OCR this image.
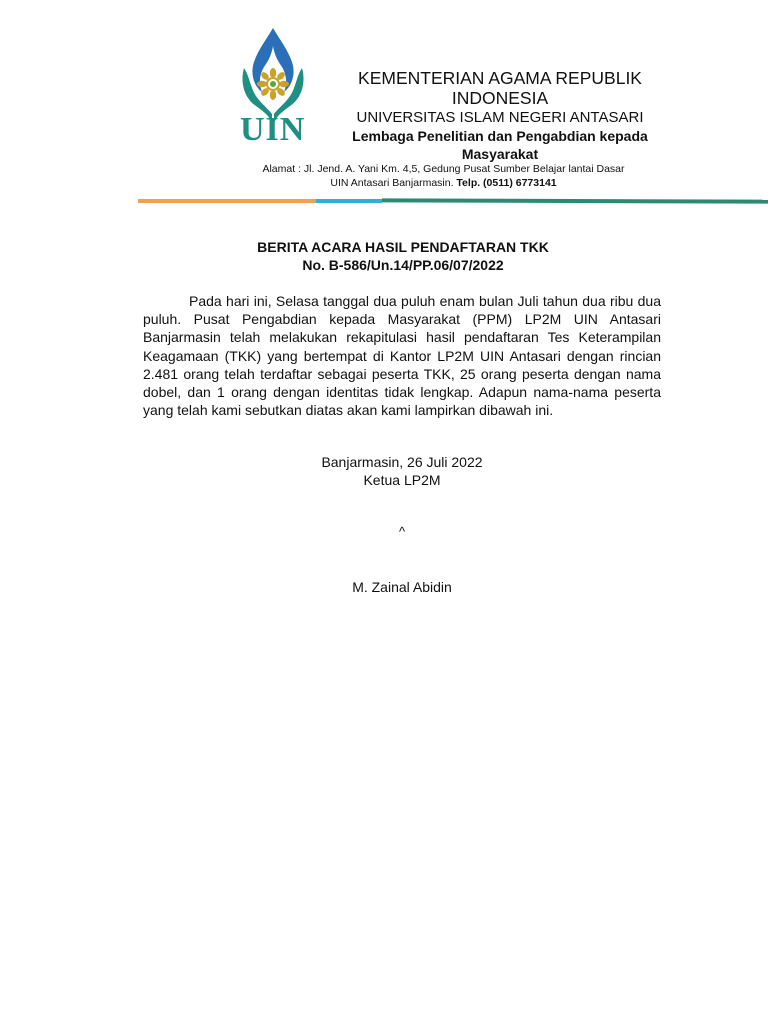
UIN
KEMENTERIAN AGAMA REPUBLIK INDONESIA
UNIVERSITAS ISLAM NEGERI ANTASARI
Lembaga Penelitian dan Pengabdian kepada Masyarakat
Alamat : Jl. Jend. A. Yani Km. 4,5, Gedung Pusat Sumber Belajar lantai Dasar
UIN Antasari Banjarmasin. Telp. (0511) 6773141
BERITA ACARA HASIL PENDAFTARAN TKK
No. B-586/Un.14/PP.06/07/2022

Pada hari ini, Selasa tanggal dua puluh enam bulan Juli tahun dua ribu dua puluh. Pusat Pengabdian kepada Masyarakat (PPM) LP2M UIN Antasari Banjarmasin telah melakukan rekapitulasi hasil pendaftaran Tes Keterampilan Keagamaan (TKK) yang bertempat di Kantor LP2M UIN Antasari dengan rincian 2.481 orang telah terdaftar sebagai peserta TKK, 25 orang peserta dengan nama dobel, dan 1 orang dengan identitas tidak lengkap. Adapun nama-nama peserta yang telah kami sebutkan diatas akan kami lampirkan dibawah ini.

Banjarmasin, 26 Juli 2022
Ketua LP2M
^
M. Zainal Abidin
